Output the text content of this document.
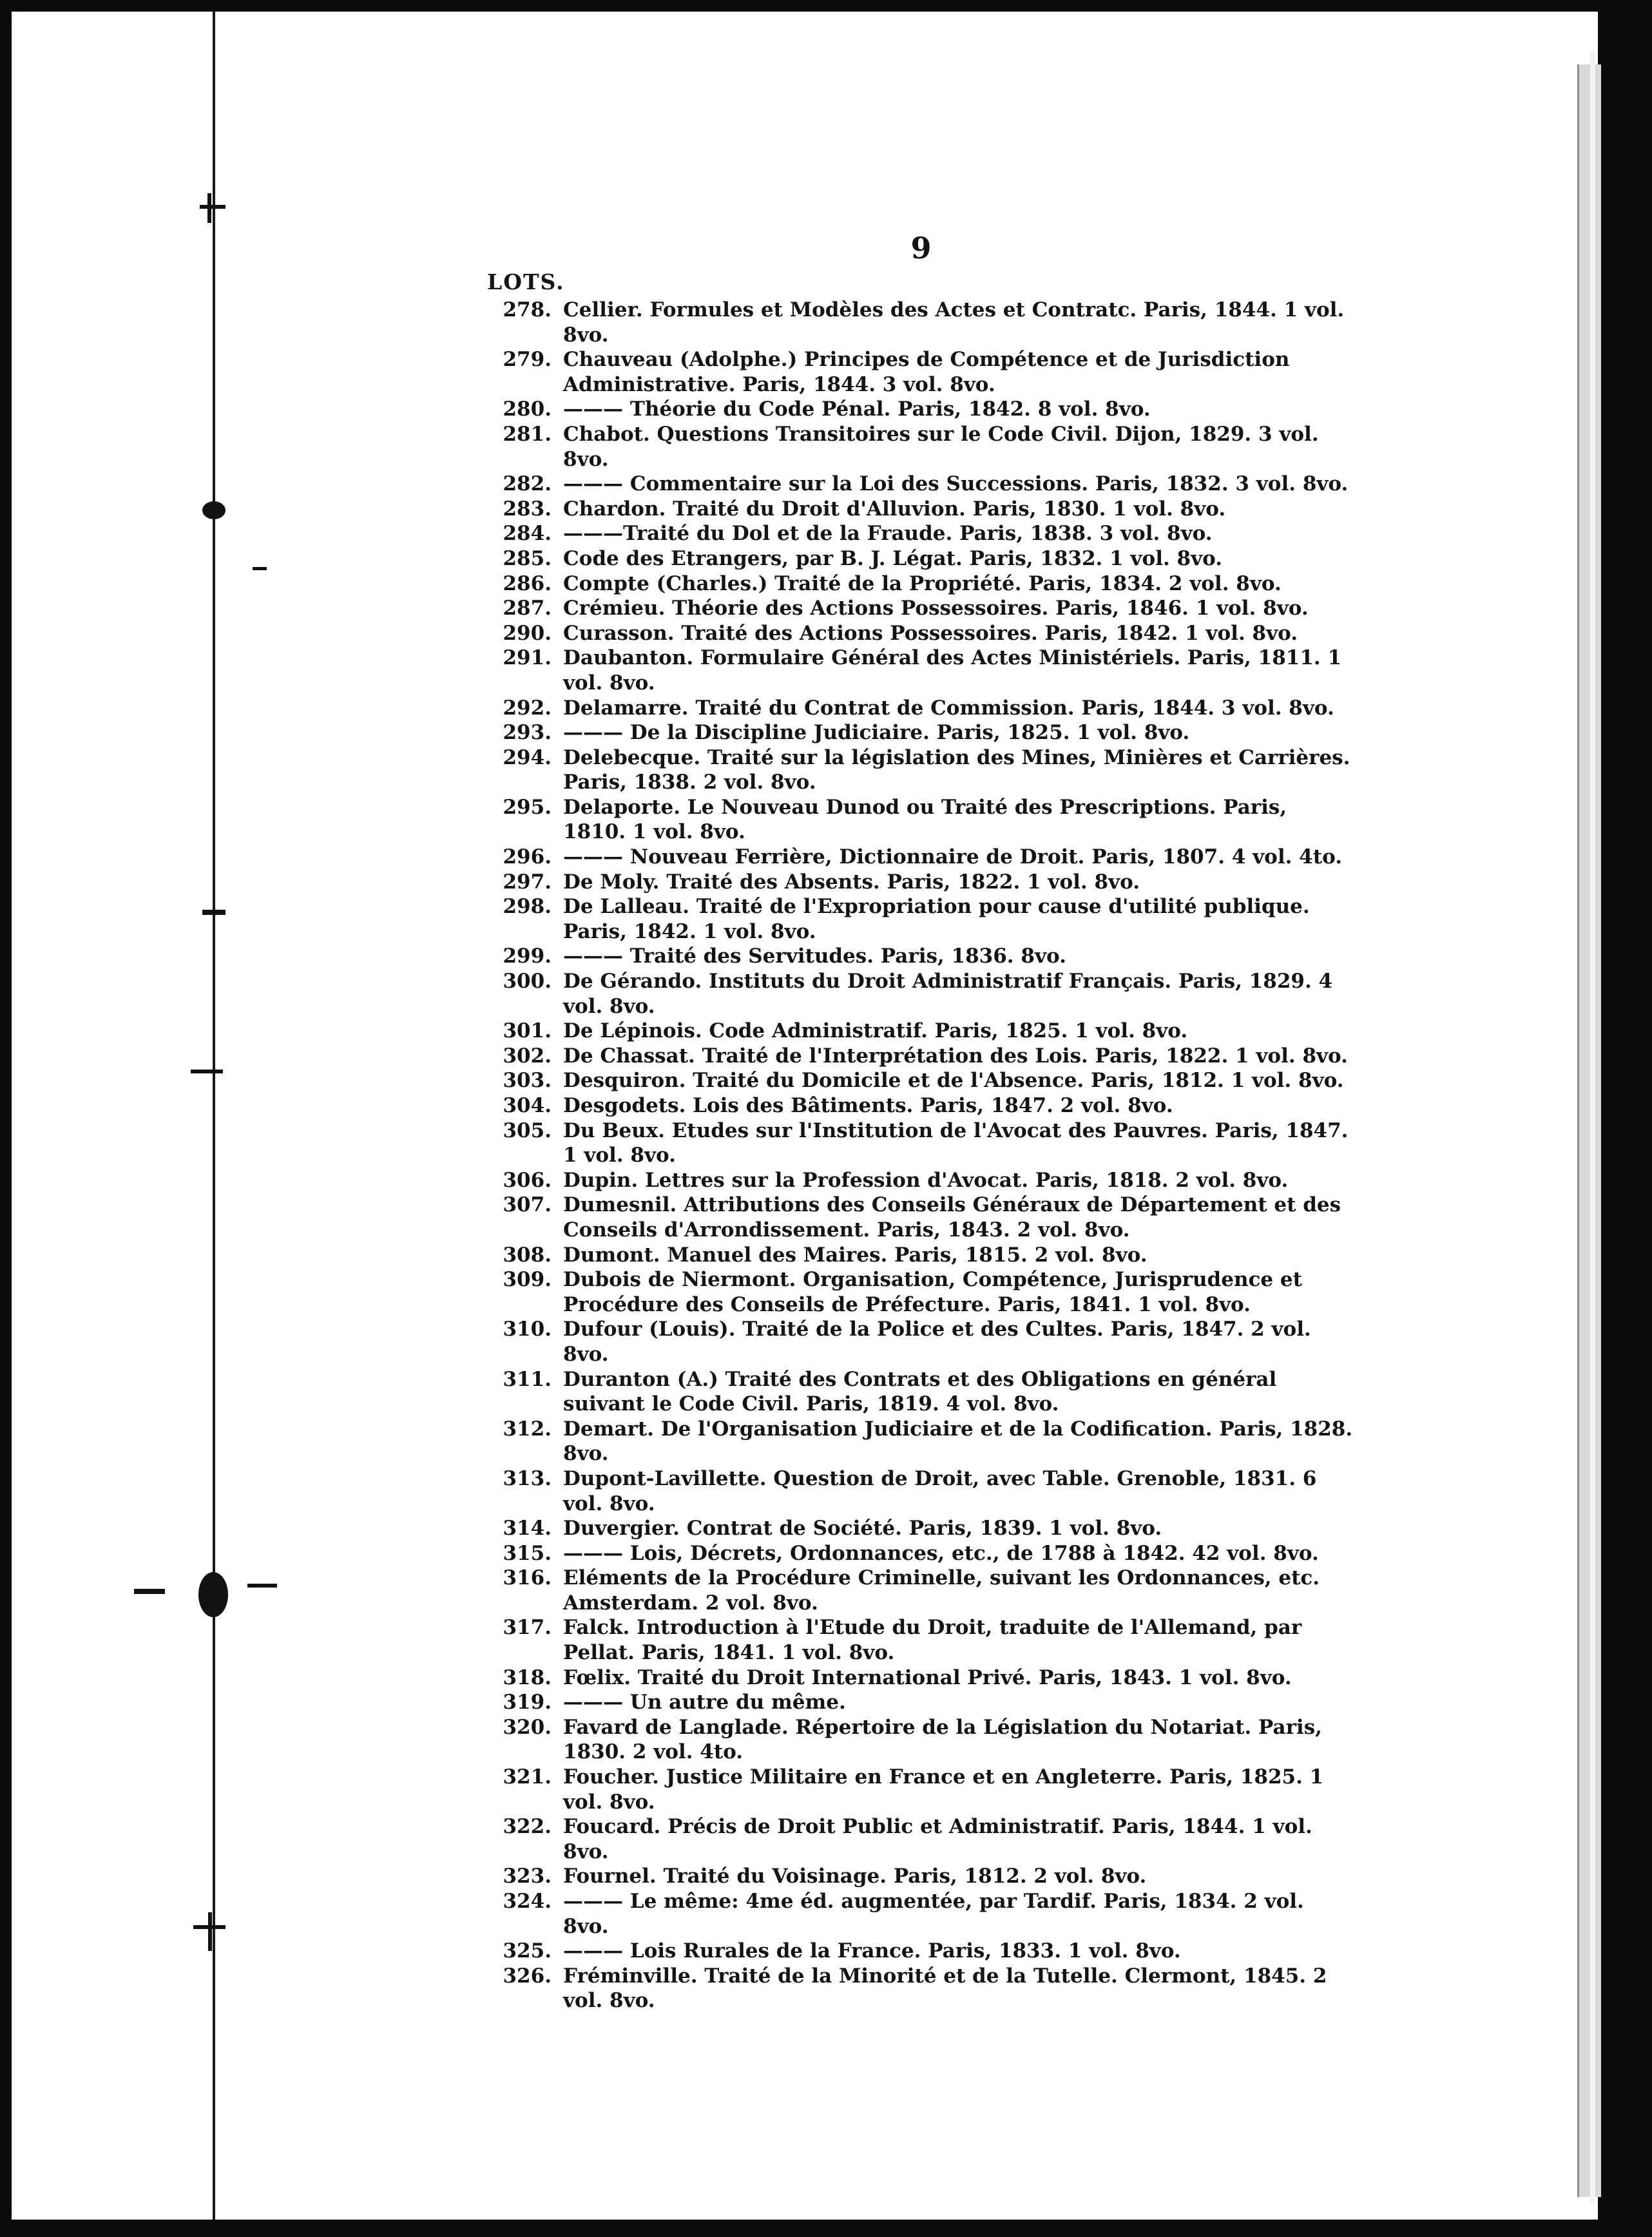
9
LOTS.
278. Cellier. Formules et Modèles des Actes et Contratc. Paris, 1844. 1 vol. 8vo.
279. Chauveau (Adolphe.) Principes de Compétence et de Jurisdiction Administrative. Paris, 1844. 3 vol. 8vo.
280. ——— Théorie du Code Pénal. Paris, 1842. 8 vol. 8vo.
281. Chabot. Questions Transitoires sur le Code Civil. Dijon, 1829. 3 vol. 8vo.
282. ——— Commentaire sur la Loi des Successions. Paris, 1832. 3 vol. 8vo.
283. Chardon. Traité du Droit d'Alluvion. Paris, 1830. 1 vol. 8vo.
284. ———Traité du Dol et de la Fraude. Paris, 1838. 3 vol. 8vo.
285. Code des Etrangers, par B. J. Légat. Paris, 1832. 1 vol. 8vo.
286. Compte (Charles.) Traité de la Propriété. Paris, 1834. 2 vol. 8vo.
287. Crémieu. Théorie des Actions Possessoires. Paris, 1846. 1 vol. 8vo.
290. Curasson. Traité des Actions Possessoires. Paris, 1842. 1 vol. 8vo.
291. Daubanton. Formulaire Général des Actes Ministériels. Paris, 1811. 1 vol. 8vo.
292. Delamarre. Traité du Contrat de Commission. Paris, 1844. 3 vol. 8vo.
293. ——— De la Discipline Judiciaire. Paris, 1825. 1 vol. 8vo.
294. Delebecque. Traité sur la législation des Mines, Minières et Carrières. Paris, 1838. 2 vol. 8vo.
295. Delaporte. Le Nouveau Dunod ou Traité des Prescriptions. Paris, 1810. 1 vol. 8vo.
296. ——— Nouveau Ferrière, Dictionnaire de Droit. Paris, 1807. 4 vol. 4to.
297. De Moly. Traité des Absents. Paris, 1822. 1 vol. 8vo.
298. De Lalleau. Traité de l'Expropriation pour cause d'utilité publique. Paris, 1842. 1 vol. 8vo.
299. ——— Traité des Servitudes. Paris, 1836. 8vo.
300. De Gérando. Instituts du Droit Administratif Français. Paris, 1829. 4 vol. 8vo.
301. De Lépinois. Code Administratif. Paris, 1825. 1 vol. 8vo.
302. De Chassat. Traité de l'Interprétation des Lois. Paris, 1822. 1 vol. 8vo.
303. Desquiron. Traité du Domicile et de l'Absence. Paris, 1812. 1 vol. 8vo.
304. Desgodets. Lois des Bâtiments. Paris, 1847. 2 vol. 8vo.
305. Du Beux. Etudes sur l'Institution de l'Avocat des Pauvres. Paris, 1847. 1 vol. 8vo.
306. Dupin. Lettres sur la Profession d'Avocat. Paris, 1818. 2 vol. 8vo.
307. Dumesnil. Attributions des Conseils Généraux de Département et des Conseils d'Arrondissement. Paris, 1843. 2 vol. 8vo.
308. Dumont. Manuel des Maires. Paris, 1815. 2 vol. 8vo.
309. Dubois de Niermont. Organisation, Compétence, Jurisprudence et Procédure des Conseils de Préfecture. Paris, 1841. 1 vol. 8vo.
310. Dufour (Louis). Traité de la Police et des Cultes. Paris, 1847. 2 vol. 8vo.
311. Duranton (A.) Traité des Contrats et des Obligations en général suivant le Code Civil. Paris, 1819. 4 vol. 8vo.
312. Demart. De l'Organisation Judiciaire et de la Codification. Paris, 1828. 8vo.
313. Dupont-Lavillette. Question de Droit, avec Table. Grenoble, 1831. 6 vol. 8vo.
314. Duvergier. Contrat de Société. Paris, 1839. 1 vol. 8vo.
315. ——— Lois, Décrets, Ordonnances, etc., de 1788 à 1842. 42 vol. 8vo.
316. Eléments de la Procédure Criminelle, suivant les Ordonnances, etc. Amsterdam. 2 vol. 8vo.
317. Falck. Introduction à l'Etude du Droit, traduite de l'Allemand, par Pellat. Paris, 1841. 1 vol. 8vo.
318. Fœlix. Traité du Droit International Privé. Paris, 1843. 1 vol. 8vo.
319. ——— Un autre du même.
320. Favard de Langlade. Répertoire de la Législation du Notariat. Paris, 1830. 2 vol. 4to.
321. Foucher. Justice Militaire en France et en Angleterre. Paris, 1825. 1 vol. 8vo.
322. Foucard. Précis de Droit Public et Administratif. Paris, 1844. 1 vol. 8vo.
323. Fournel. Traité du Voisinage. Paris, 1812. 2 vol. 8vo.
324. ——— Le même: 4me éd. augmentée, par Tardif. Paris, 1834. 2 vol. 8vo.
325. ——— Lois Rurales de la France. Paris, 1833. 1 vol. 8vo.
326. Fréminville. Traité de la Minorité et de la Tutelle. Clermont, 1845. 2 vol. 8vo.
